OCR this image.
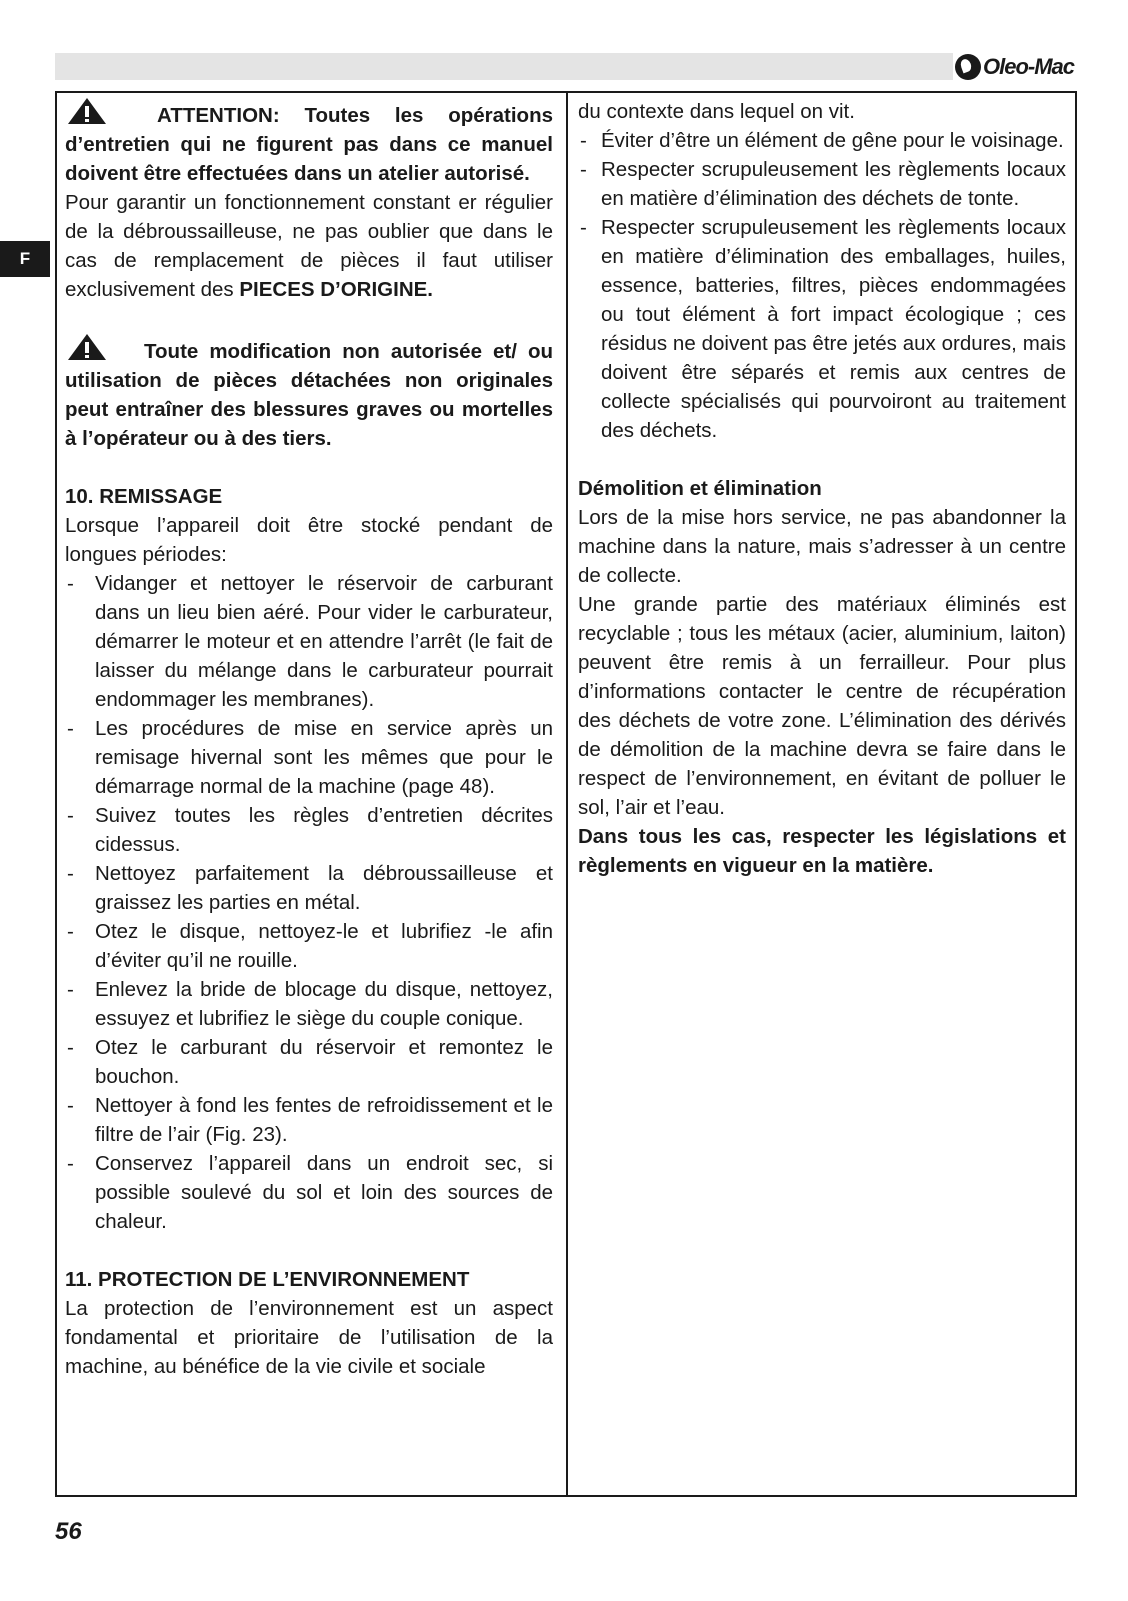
Oleo-Mac
F

ATTENTION: Toutes les opérations d’entretien qui ne figurent pas dans ce manuel doivent être effectuées dans un atelier autorisé.

Pour garantir un fonctionnement constant er régulier de la débroussailleuse, ne pas oublier que dans le cas de remplacement de pièces il faut utiliser exclusivement des PIECES D’ORIGINE.

Toute modification non autorisée et/ ou utilisation de pièces détachées non originales peut entraîner des blessures graves ou mortelles à l’opérateur ou à des tiers.

10. REMISSAGE

Lorsque l’appareil doit être stocké pendant de longues périodes:

- Vidanger et nettoyer le réservoir de carburant dans un lieu bien aéré. Pour vider le carburateur, démarrer le moteur et en attendre l’arrêt (le fait de laisser du mélange dans le carburateur pourrait endommager les membranes).
- Les procédures de mise en service après un remisage hivernal sont les mêmes que pour le démarrage normal de la machine (page 48).
- Suivez toutes les règles d’entretien décrites cidessus.
- Nettoyez parfaitement la débroussailleuse et graissez les parties en métal.
- Otez le disque, nettoyez-le et lubrifiez -le afin d’éviter qu’il ne rouille.
- Enlevez la bride de blocage du disque, nettoyez, essuyez et lubrifiez le siège du couple conique.
- Otez le carburant du réservoir et remontez le bouchon.
- Nettoyer à fond les fentes de refroidissement et le filtre de l’air (Fig. 23).
- Conservez l’appareil dans un endroit sec, si possible soulevé du sol et loin des sources de chaleur.

11. PROTECTION DE L’ENVIRONNEMENT

La protection de l’environnement est un aspect fondamental et prioritaire de l’utilisation de la machine, au bénéfice de la vie civile et sociale

du contexte dans lequel on vit.

- Éviter d’être un élément de gêne pour le voisinage.
- Respecter scrupuleusement les règlements locaux en matière d’élimination des déchets de tonte.
- Respecter scrupuleusement les règlements locaux en matière d’élimination des emballages, huiles, essence, batteries, filtres, pièces endommagées ou tout élément à fort impact écologique ; ces résidus ne doivent pas être jetés aux ordures, mais doivent être séparés et remis aux centres de collecte spécialisés qui pourvoiront au traitement des déchets.

Démolition et élimination

Lors de la mise hors service, ne pas abandonner la machine dans la nature, mais s’adresser à un centre de collecte.

Une grande partie des matériaux éliminés est recyclable ; tous les métaux (acier, aluminium, laiton) peuvent être remis à un ferrailleur. Pour plus d’informations contacter le centre de récupération des déchets de votre zone. L’élimination des dérivés de démolition de la machine devra se faire dans le respect de l’environnement, en évitant de polluer le sol, l’air et l’eau.

Dans tous les cas, respecter les législations et règlements en vigueur en la matière.

56
